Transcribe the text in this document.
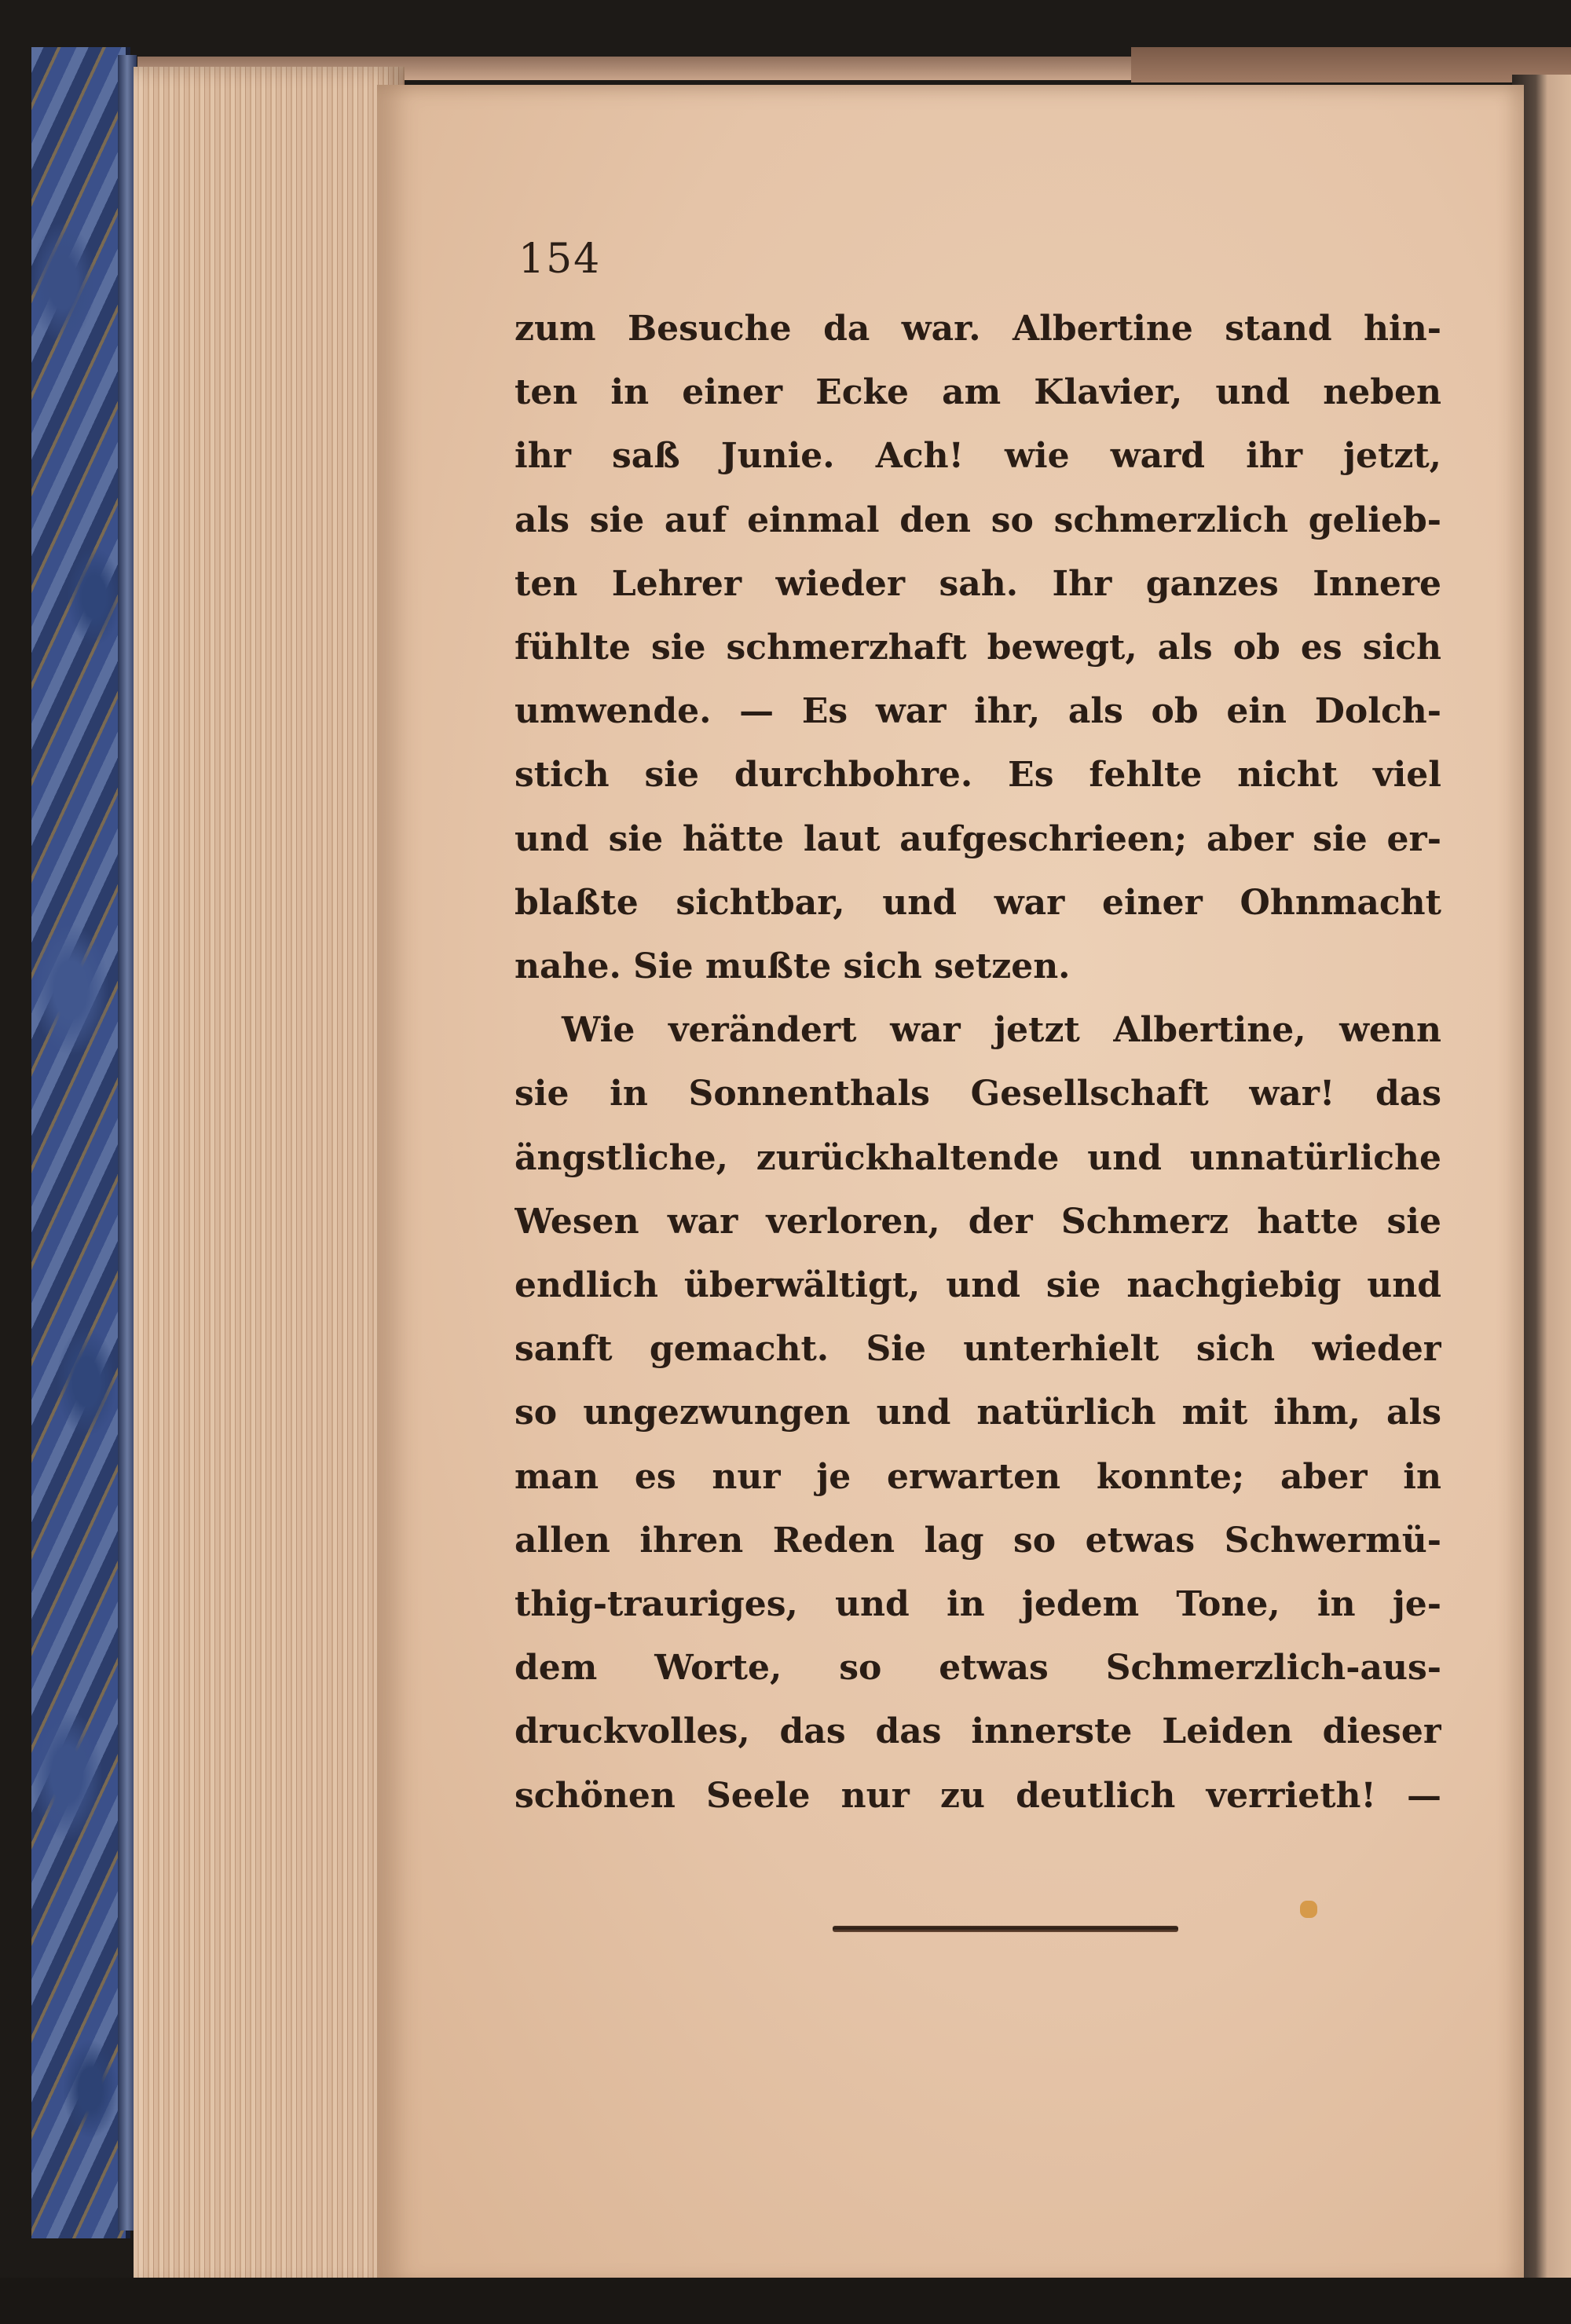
154
zum Besuche da war. Albertine stand hin-
ten in einer Ecke am Klavier, und neben
ihr saß Junie. Ach! wie ward ihr jetzt,
als sie auf einmal den so schmerzlich gelieb-
ten Lehrer wieder sah. Ihr ganzes Innere
fühlte sie schmerzhaft bewegt, als ob es sich
umwende. — Es war ihr, als ob ein Dolch-
stich sie durchbohre. Es fehlte nicht viel
und sie hätte laut aufgeschrieen; aber sie er-
blaßte sichtbar, und war einer Ohnmacht
nahe. Sie mußte sich setzen.
Wie verändert war jetzt Albertine, wenn
sie in Sonnenthals Gesellschaft war! das
ängstliche, zurückhaltende und unnatürliche
Wesen war verloren, der Schmerz hatte sie
endlich überwältigt, und sie nachgiebig und
sanft gemacht. Sie unterhielt sich wieder
so ungezwungen und natürlich mit ihm, als
man es nur je erwarten konnte; aber in
allen ihren Reden lag so etwas Schwermü-
thig-trauriges, und in jedem Tone, in je-
dem Worte, so etwas Schmerzlich-aus-
druckvolles, das das innerste Leiden dieser
schönen Seele nur zu deutlich verrieth! —
